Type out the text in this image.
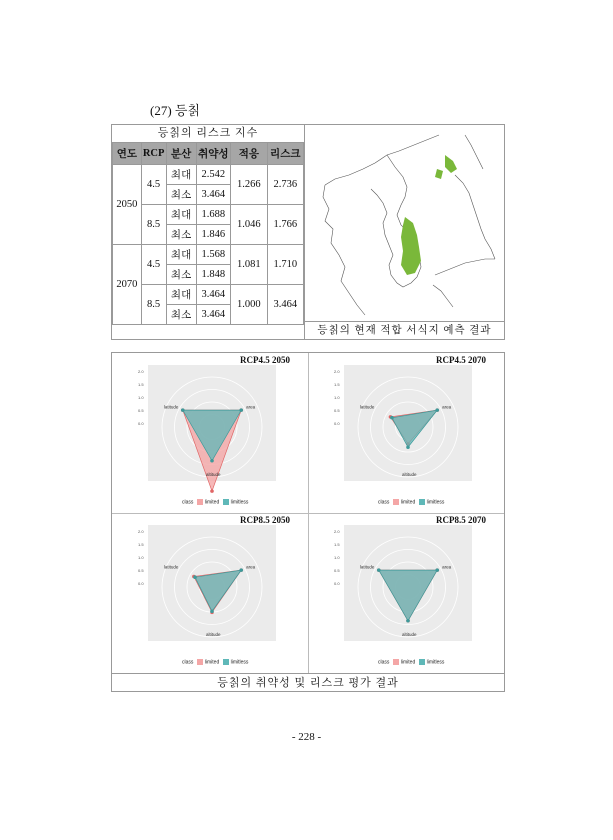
(27) 등칡
등칡의 리스크 지수
연도	RCP	분산	취약성	적응	리스크
2050	4.5	최대	2.542	1.266	2.736
		최소	3.464		
	8.5	최대	1.688	1.046	1.766
		최소	1.846		
2070	4.5	최대	1.568	1.081	1.710
		최소	1.848		
	8.5	최대	3.464	1.000	3.464
		최소	3.464		
등칡의 현재 적합 서식지 예측 결과
RCP4.5 2050
2.0
1.5
1.0
0.5
0.0
area
altitude
latitude
class limited limitless
RCP4.5 2070
2.0
1.5
1.0
0.5
0.0
area
altitude
latitude
class limited limitless
RCP8.5 2050
2.0
1.5
1.0
0.5
0.0
area
altitude
latitude
class limited limitless
RCP8.5 2070
2.0
1.5
1.0
0.5
0.0
area
altitude
latitude
class limited limitless
등칡의 취약성 및 리스크 평가 결과
- 228 -
